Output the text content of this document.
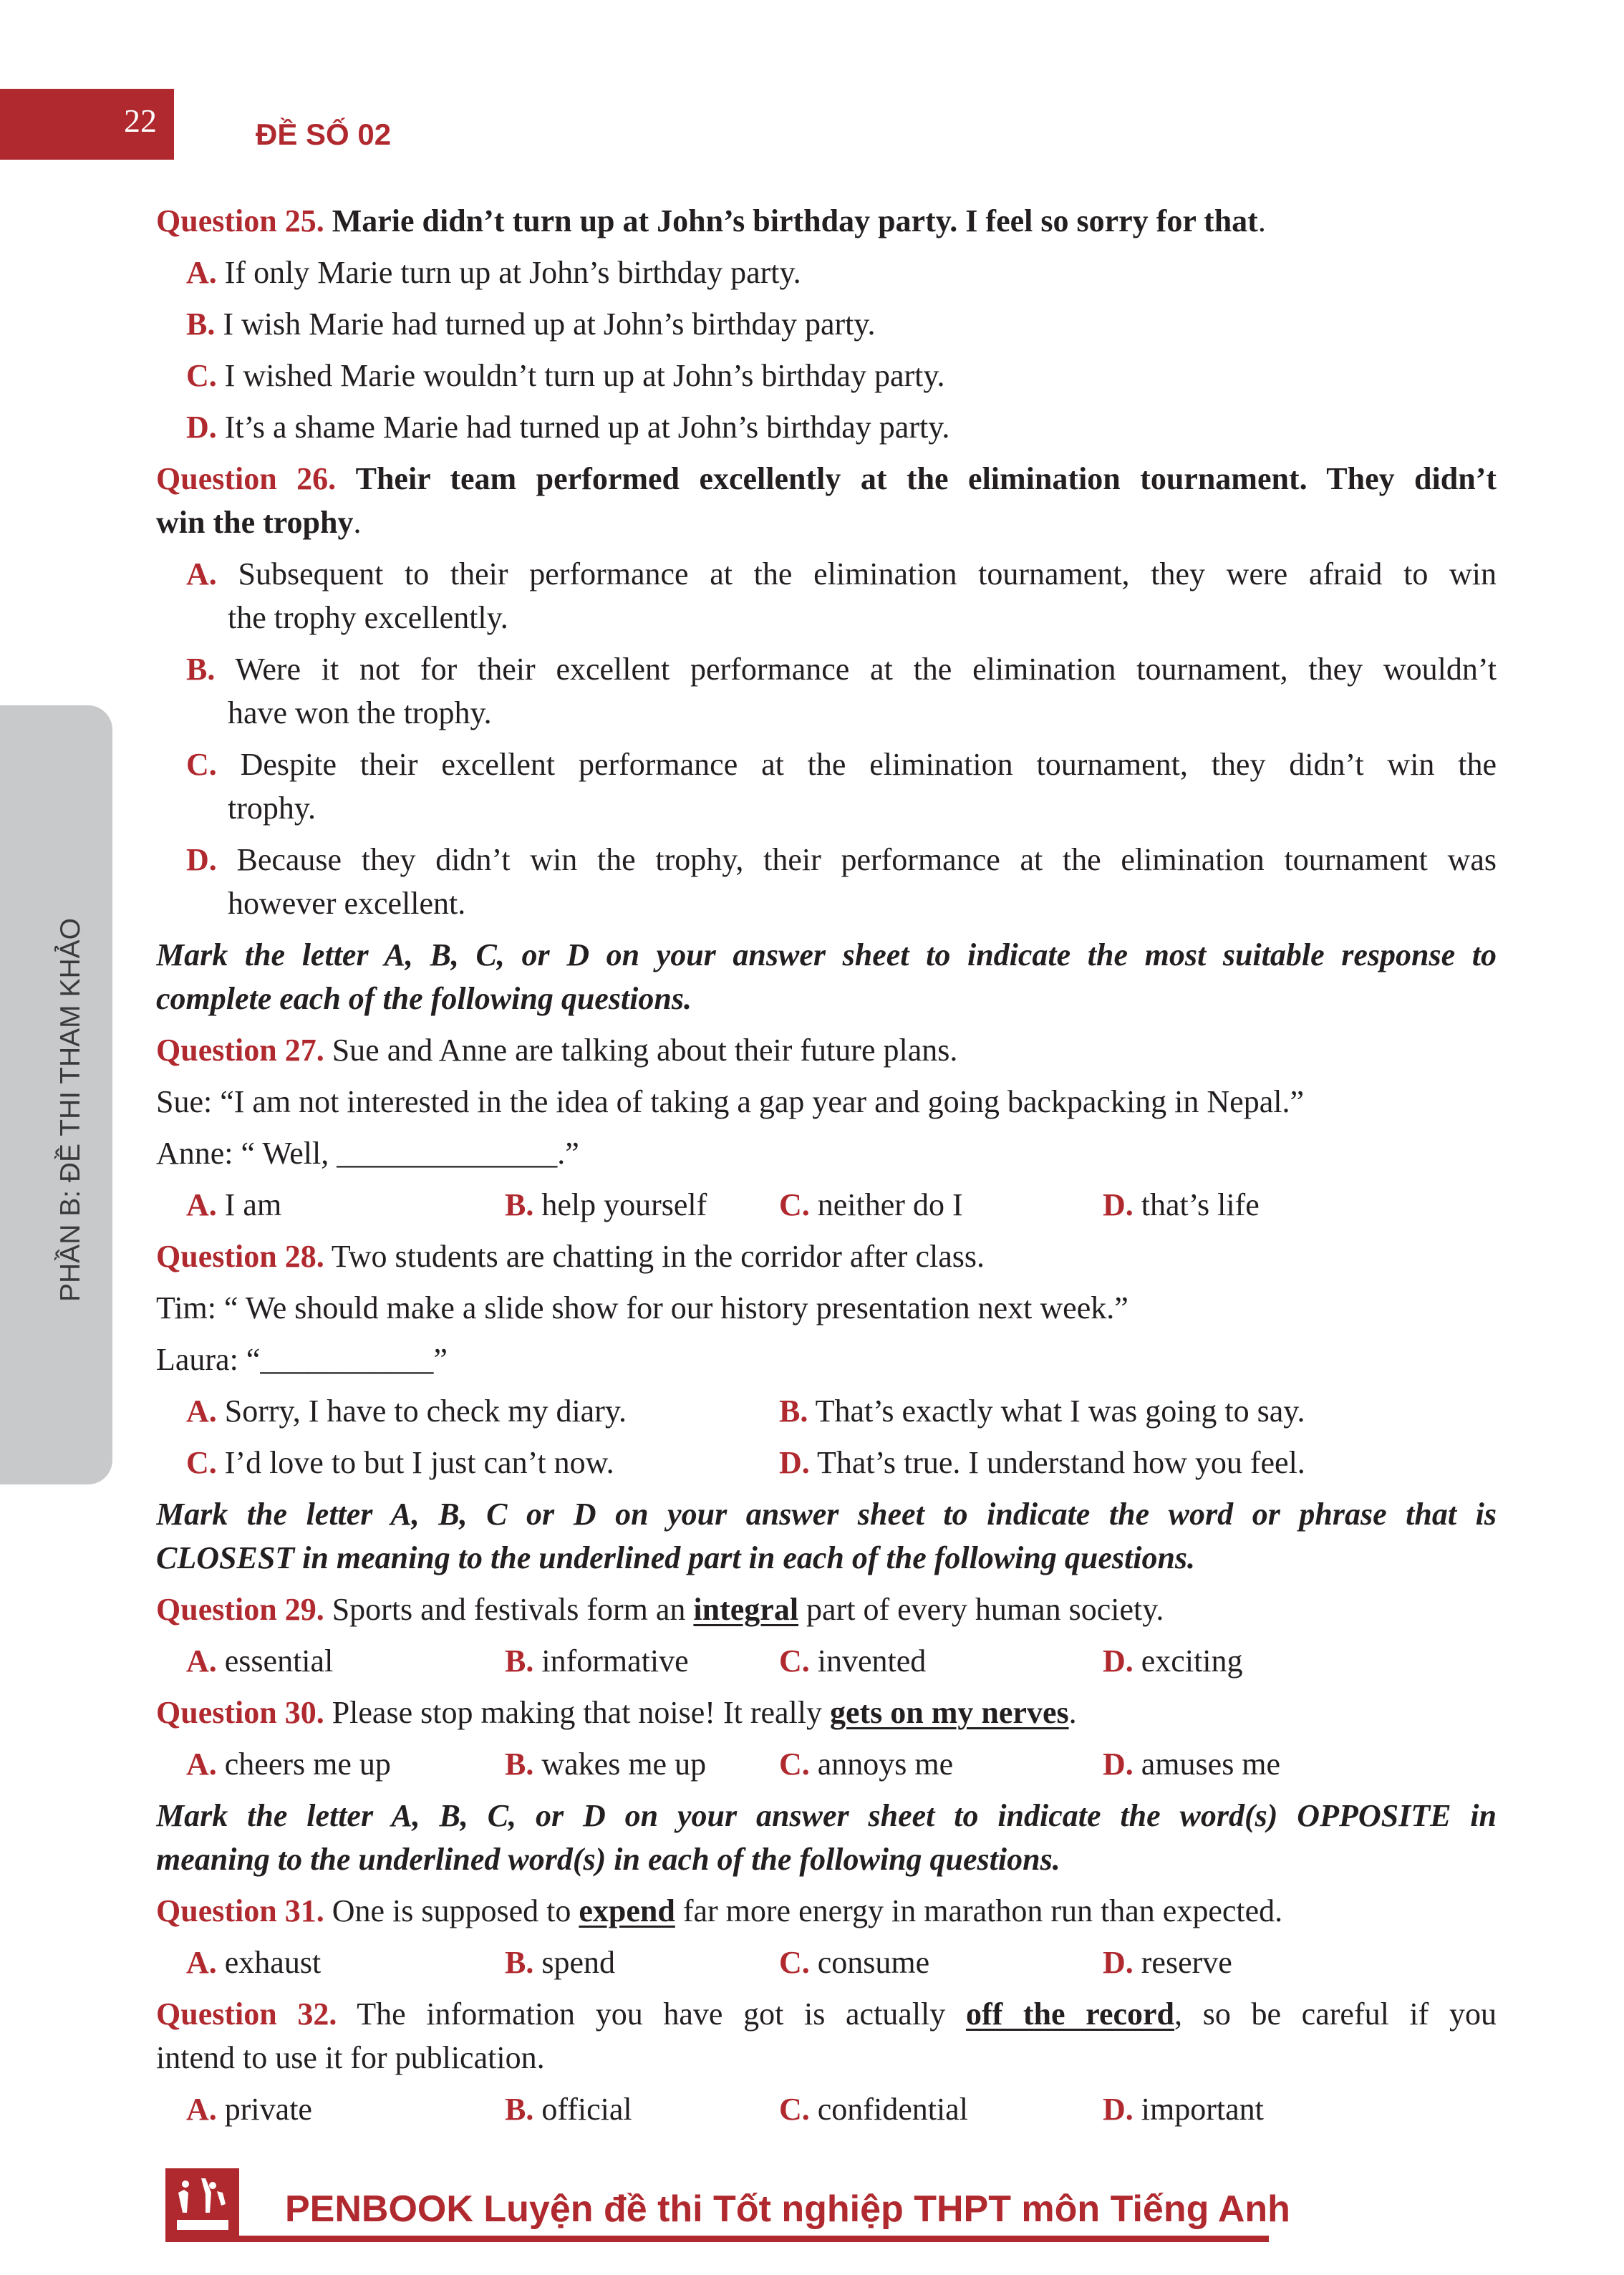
22	ĐỀ SỐ 02
PHẦN B: ĐỀ THI THAM KHẢO
Question 25. Marie didn’t turn up at John’s birthday party. I feel so sorry for that.
A. If only Marie turn up at John’s birthday party.
B. I wish Marie had turned up at John’s birthday party.
C. I wished Marie wouldn’t turn up at John’s birthday party.
D. It’s a shame Marie had turned up at John’s birthday party.
Question 26. Their team performed excellently at the elimination tournament. They didn’t
win the trophy.
A. Subsequent to their performance at the elimination tournament, they were afraid to win
the trophy excellently.
B. Were it not for their excellent performance at the elimination tournament, they wouldn’t
have won the trophy.
C. Despite their excellent performance at the elimination tournament, they didn’t win the
trophy.
D. Because they didn’t win the trophy, their performance at the elimination tournament was
however excellent.
Mark the letter A, B, C, or D on your answer sheet to indicate the most suitable response to
complete each of the following questions.
Question 27. Sue and Anne are talking about their future plans.
Sue: “I am not interested in the idea of taking a gap year and going backpacking in Nepal.”
Anne: “ Well, ______________.”
A. I am	B. help yourself C. neither do I	D. that’s life
Question 28. Two students are chatting in the corridor after class.
Tim: “ We should make a slide show for our history presentation next week.”
Laura: “___________”
A. Sorry, I have to check my diary.	B. That’s exactly what I was going to say.
C. I’d love to but I just can’t now.	D. That’s true. I understand how you feel.
Mark the letter A, B, C or D on your answer sheet to indicate the word or phrase that is
CLOSEST in meaning to the underlined part in each of the following questions.
Question 29. Sports and festivals form an integral part of every human society.
A. essential	B. informative	C. invented	D. exciting
Question 30. Please stop making that noise! It really gets on my nerves.
A. cheers me up	B. wakes me up C. annoys me	D. amuses me
Mark the letter A, B, C, or D on your answer sheet to indicate the word(s) OPPOSITE in
meaning to the underlined word(s) in each of the following questions.
Question 31. One is supposed to expend far more energy in marathon run than expected.
A. exhaust	B. spend	C. consume	D. reserve
Question 32. The information you have got is actually off the record, so be careful if you
intend to use it for publication.
A. private	B. official	C. confidential	D. important
PENBOOK Luyện đề thi Tốt nghiệp THPT môn Tiếng Anh
